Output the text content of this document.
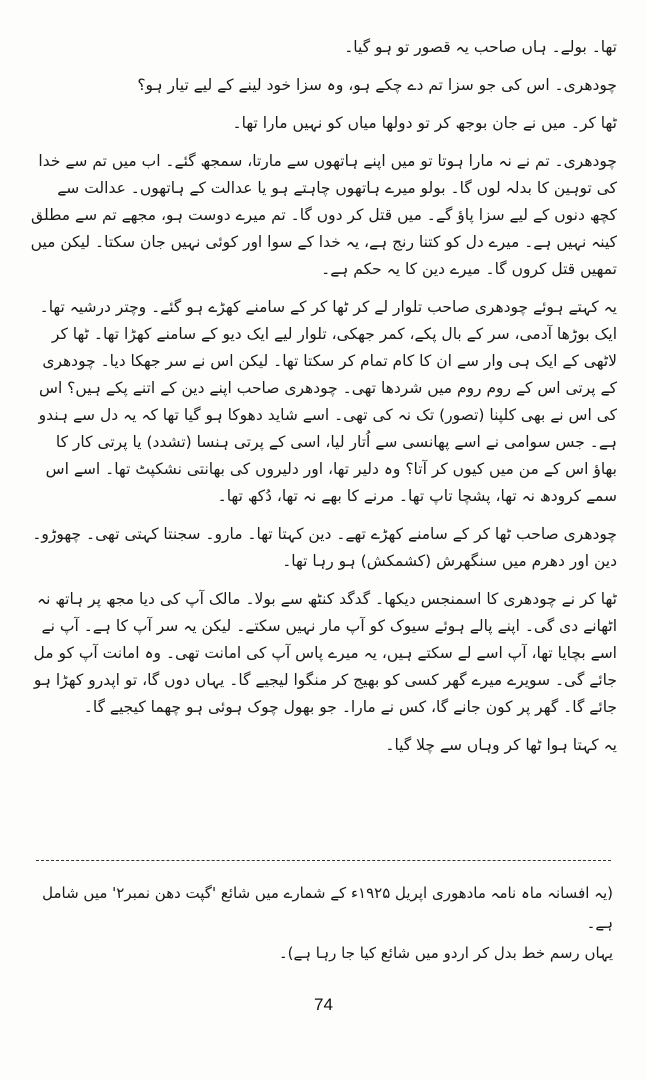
تھا۔ بولے۔ ہاں صاحب یہ قصور تو ہو گیا۔

چودھری۔ اس کی جو سزا تم دے چکے ہو، وہ سزا خود لینے کے لیے تیار ہو؟

ٹھا کر۔ میں نے جان بوجھ کر تو دولھا میاں کو نہیں مارا تھا۔

چودھری۔ تم نے نہ مارا ہوتا تو میں اپنے ہاتھوں سے مارتا، سمجھ گئے۔ اب میں تم سے خدا کی توہین کا بدلہ لوں گا۔ بولو میرے ہاتھوں چاہتے ہو یا عدالت کے ہاتھوں۔ عدالت سے کچھ دنوں کے لیے سزا پاؤ گے۔ میں قتل کر دوں گا۔ تم میرے دوست ہو، مجھے تم سے مطلق کینہ نہیں ہے۔ میرے دل کو کتنا رنج ہے، یہ خدا کے سوا اور کوئی نہیں جان سکتا۔ لیکن میں تمھیں قتل کروں گا۔ میرے دین کا یہ حکم ہے۔

یہ کہتے ہوئے چودھری صاحب تلوار لے کر ٹھا کر کے سامنے کھڑے ہو گئے۔ وچتر درشیہ تھا۔ ایک بوڑھا آدمی، سر کے بال پکے، کمر جھکی، تلوار لیے ایک دیو کے سامنے کھڑا تھا۔ ٹھا کر لاٹھی کے ایک ہی وار سے ان کا کام تمام کر سکتا تھا۔ لیکن اس نے سر جھکا دیا۔ چودھری کے پرتی اس کے روم روم میں شردھا تھی۔ چودھری صاحب اپنے دین کے اتنے پکے ہیں؟ اس کی اس نے بھی کلپنا (تصور) تک نہ کی تھی۔ اسے شاید دھوکا ہو گیا تھا کہ یہ دل سے ہندو ہے۔ جس سوامی نے اسے پھانسی سے اُتار لیا، اسی کے پرتی ہنسا (تشدد) یا پرتی کار کا بھاؤ اس کے من میں کیوں کر آتا؟ وہ دلیر تھا، اور دلیروں کی بھانتی نشکپٹ تھا۔ اسے اس سمے کرودھ نہ تھا، پشچا تاپ تھا۔ مرنے کا بھے نہ تھا، دُکھ تھا۔

چودھری صاحب ٹھا کر کے سامنے کھڑے تھے۔ دین کہتا تھا۔ مارو۔ سجنتا کہتی تھی۔ چھوڑو۔ دین اور دھرم میں سنگھرش (کشمکش) ہو رہا تھا۔

ٹھا کر نے چودھری کا اسمنجس دیکھا۔ گدگد کنٹھ سے بولا۔ مالک آپ کی دیا مجھ پر ہاتھ نہ اٹھانے دی گی۔ اپنے پالے ہوئے سیوک کو آپ مار نہیں سکتے۔ لیکن یہ سر آپ کا ہے۔ آپ نے اسے بچایا تھا، آپ اسے لے سکتے ہیں، یہ میرے پاس آپ کی امانت تھی۔ وہ امانت آپ کو مل جائے گی۔ سویرے میرے گھر کسی کو بھیج کر منگوا لیجیے گا۔ یہاں دوں گا، تو اپدرو کھڑا ہو جائے گا۔ گھر پر کون جانے گا، کس نے مارا۔ جو بھول چوک ہوئی ہو چھما کیجیے گا۔

یہ کہتا ہوا ٹھا کر وہاں سے چلا گیا۔

(یہ افسانہ ماہ نامہ مادھوری اپریل ۱۹۲۵ء کے شمارے میں شائع 'گپت دھن نمبر۲' میں شامل ہے۔

یہاں رسم خط بدل کر اردو میں شائع کیا جا رہا ہے)۔

74
